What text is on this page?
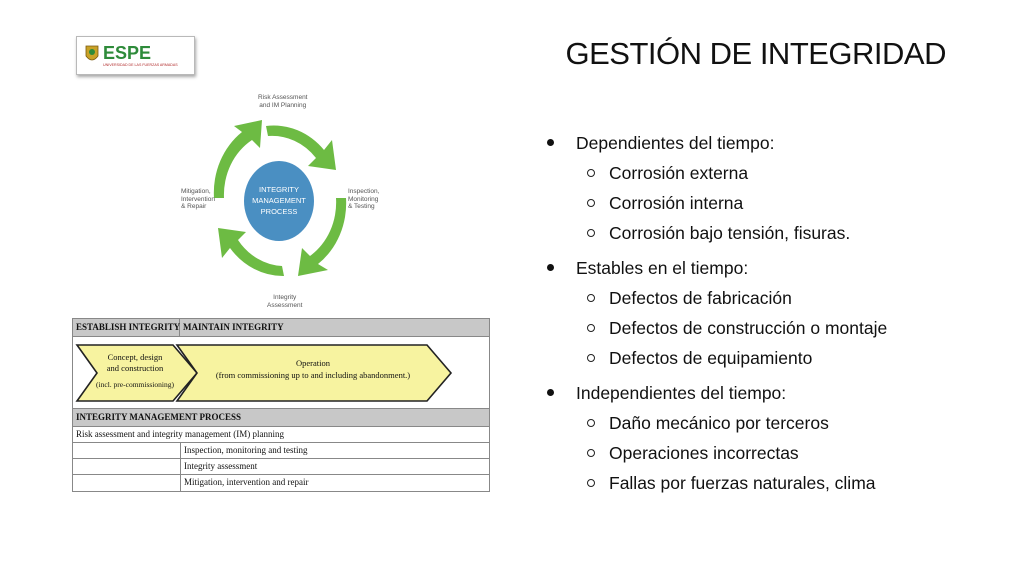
ESPE
UNIVERSIDAD DE LAS FUERZAS ARMADAS	GESTIÓN DE INTEGRIDAD
INTEGRITY
MANAGEMENT
PROCESS
Risk Assessment
and IM Planning
Inspection,
Monitoring
& Testing
Integrity
Assessment
Mitigation,
Intervention
& Repair
ESTABLISH INTEGRITY MAINTAIN INTEGRITY
Concept, design
and construction
(incl. pre-commissioning)
Operation
(from commissioning up to and including abandonment.)
INTEGRITY MANAGEMENT PROCESS
Risk assessment and integrity management (IM) planning
Inspection, monitoring and testing
Integrity assessment
Mitigation, intervention and repair
Dependientes del tiempo:
Corrosión externa
Corrosión interna
Corrosión bajo tensión, fisuras.
Estables en el tiempo:
Defectos de fabricación
Defectos de construcción o montaje
Defectos de equipamiento
Independientes del tiempo:
Daño mecánico por terceros
Operaciones incorrectas
Fallas por fuerzas naturales, clima
